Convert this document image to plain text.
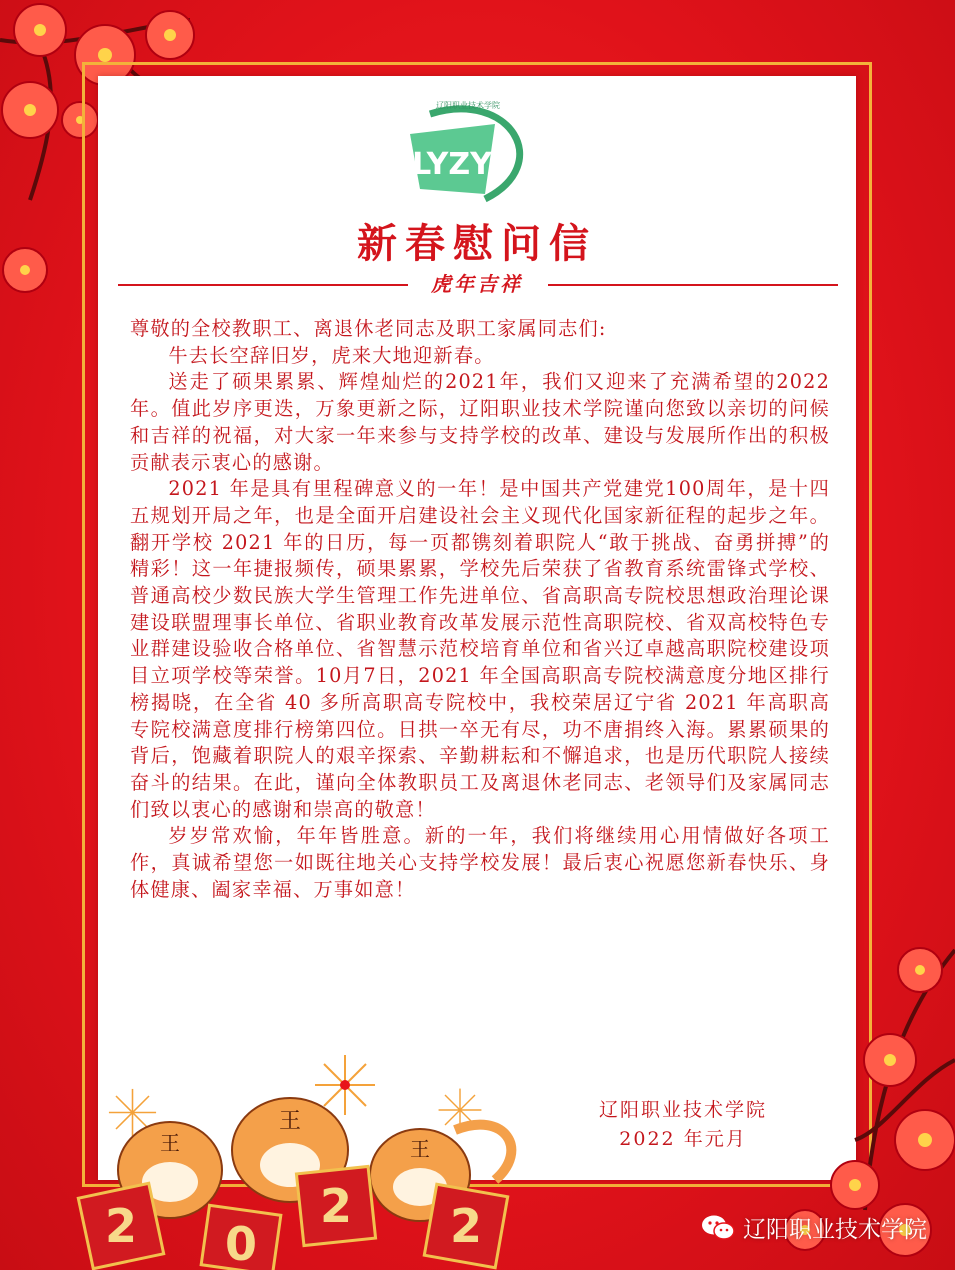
LYZY
辽阳职业技术学院
新春慰问信
虎年吉祥

尊敬的全校教职工、离退休老同志及职工家属同志们:

牛去长空辞旧岁，虎来大地迎新春。

送走了硕果累累、辉煌灿烂的2021年，我们又迎来了充满希望的2022年。值此岁序更迭，万象更新之际，辽阳职业技术学院谨向您致以亲切的问候和吉祥的祝福，对大家一年来参与支持学校的改革、建设与发展所作出的积极贡献表示衷心的感谢。

2021 年是具有里程碑意义的一年！是中国共产党建党100周年，是十四五规划开局之年，也是全面开启建设社会主义现代化国家新征程的起步之年。翻开学校 2021 年的日历，每一页都镌刻着职院人“敢于挑战、奋勇拼搏”的精彩！这一年捷报频传，硕果累累，学校先后荣获了省教育系统雷锋式学校、普通高校少数民族大学生管理工作先进单位、省高职高专院校思想政治理论课建设联盟理事长单位、省职业教育改革发展示范性高职院校、省双高校特色专业群建设验收合格单位、省智慧示范校培育单位和省兴辽卓越高职院校建设项目立项学校等荣誉。10月7日，2021 年全国高职高专院校满意度分地区排行榜揭晓，在全省 40 多所高职高专院校中，我校荣居辽宁省 2021 年高职高专院校满意度排行榜第四位。日拱一卒无有尽，功不唐捐终入海。累累硕果的背后，饱藏着职院人的艰辛探索、辛勤耕耘和不懈追求，也是历代职院人接续奋斗的结果。在此，谨向全体教职员工及离退休老同志、老领导们及家属同志们致以衷心的感谢和崇高的敬意！

岁岁常欢愉，年年皆胜意。新的一年，我们将继续用心用情做好各项工作，真诚希望您一如既往地关心支持学校发展！最后衷心祝愿您新春快乐、身体健康、阖家幸福、万事如意！

辽阳职业技术学院
2022 年元月
王
王
王
2 0
2 2	辽阳职业技术学院
